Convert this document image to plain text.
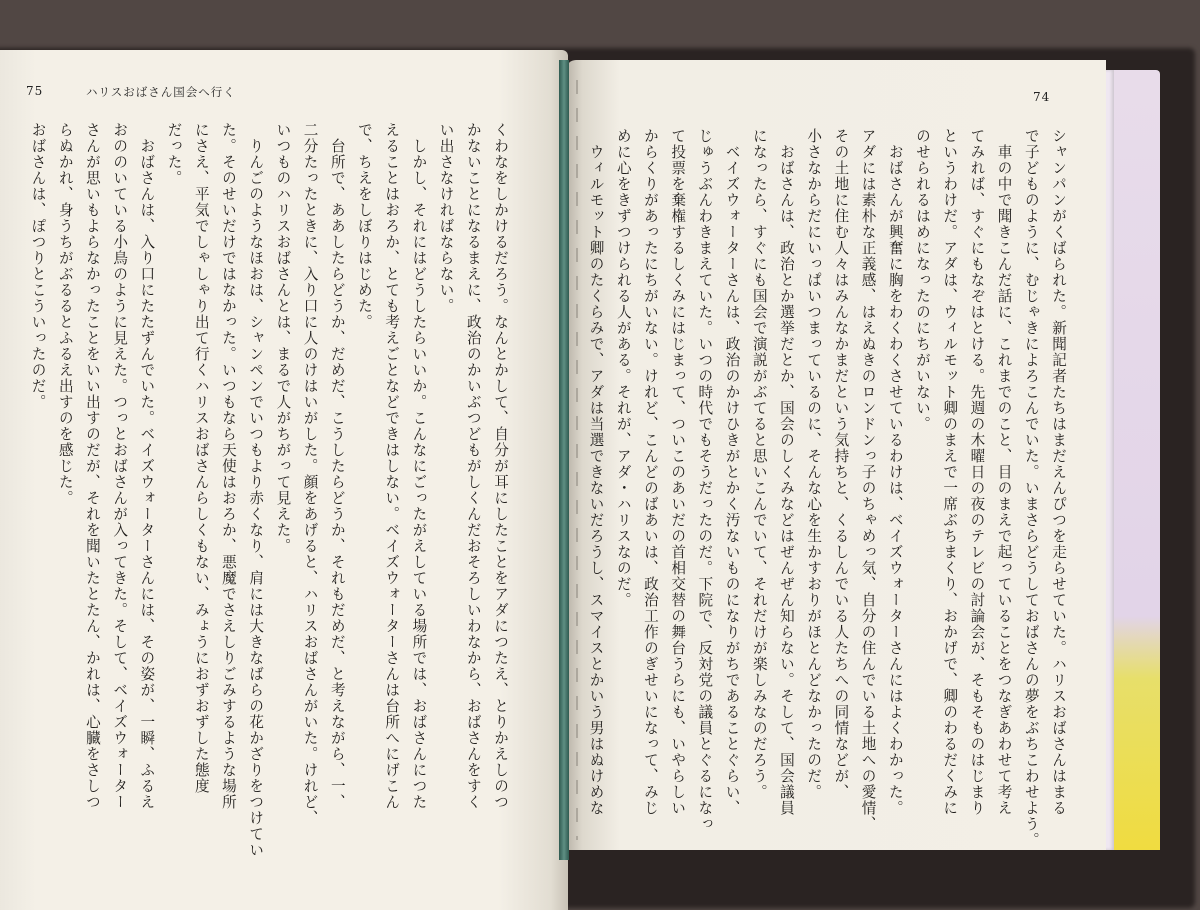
75	ハリスおばさん国会へ行く	74

くわなをしかけるだろう。なんとかして、自分が耳にしたことをアダにつたえ、とりかえしのつ

かないことになるまえに、政治のかいぶつどもがしくんだおそろしいわなから、おばさんをすく

い出さなければならない。

　しかし、それにはどうしたらいいか。こんなにごったがえしている場所では、おばさんにつた

えることはおろか、とても考えごとなどできはしない。ベイズウォーターさんは台所へにげこん

で、ちえをしぼりはじめた。

　台所で、ああしたらどうか、だめだ、こうしたらどうか、それもだめだ、と考えながら、一、

二分たったときに、入り口に人のけはいがした。顔をあげると、ハリスおばさんがいた。けれど、

いつものハリスおばさんとは、まるで人がちがって見えた。

　りんごのようなほおは、シャンペンでいつもより赤くなり、肩には大きなばらの花かざりをつけてい

た。そのせいだけではなかった。いつもなら天使はおろか、悪魔でさえしりごみするような場所

にさえ、平気でしゃしゃり出て行くハリスおばさんらしくもない、みょうにおずおずした態度

だった。

　おばさんは、入り口にたたずんでいた。ベイズウォーターさんには、その姿が、一瞬、ふるえ

おののいている小鳥のように見えた。つっとおばさんが入ってきた。そして、ベイズウォーター

さんが思いもよらなかったことをいい出すのだが、それを聞いたとたん、かれは、心臓をさしつ

らぬかれ、身うちがぶるるとふるえ出すのを感じた。

おばさんは、ぽつりとこういったのだ。	シャンパンがくばられた。新聞記者たちはまだえんぴつを走らせていた。ハリスおばさんはまる

で子どものように、むじゃきによろこんでいた。いまさらどうしておばさんの夢をぶちこわせよう。

　車の中で聞きこんだ話に、これまでのこと、目のまえで起っていることをつなぎあわせて考え

てみれば、すぐにもなぞはとける。先週の木曜日の夜のテレビの討論会が、そもそものはじまり

というわけだ。アダは、ウィルモット卿のまえで一席ぶちまくり、おかげで、卿のわるだくみに

のせられるはめになったのにちがいない。

　おばさんが興奮に胸をわくわくさせているわけは、ベイズウォーターさんにはよくわかった。

アダには素朴な正義感、はえぬきのロンドンっ子のちゃめっ気、自分の住んでいる土地への愛情、

その土地に住む人々はみんなかまだという気持ちと、くるしんでいる人たちへの同情などが、

小さなからだにいっぱいつまっているのに、そんな心を生かすおりがほとんどなかったのだ。

　おばさんは、政治とか選挙だとか、国会のしくみなどはぜんぜん知らない。そして、国会議員

になったら、すぐにも国会で演説がぶてると思いこんでいて、それだけが楽しみなのだろう。

　ベイズウォーターさんは、政治のかけひきがとかく汚ないものになりがちであることぐらい、

じゅうぶんわきまえていた。いつの時代でもそうだったのだ。下院で、反対党の議員とぐるになっ

て投票を棄権するしくみにはじまって、ついこのあいだの首相交替の舞台うらにも、いやらしい

からくりがあったにちがいない。けれど、こんどのばあいは、政治工作のぎせいになって、みじ

めに心をきずつけられる人がある。それが、アダ・ハリスなのだ。

　ウィルモット卿のたくらみで、アダは当選できないだろうし、スマイスとかいう男はぬけめな
